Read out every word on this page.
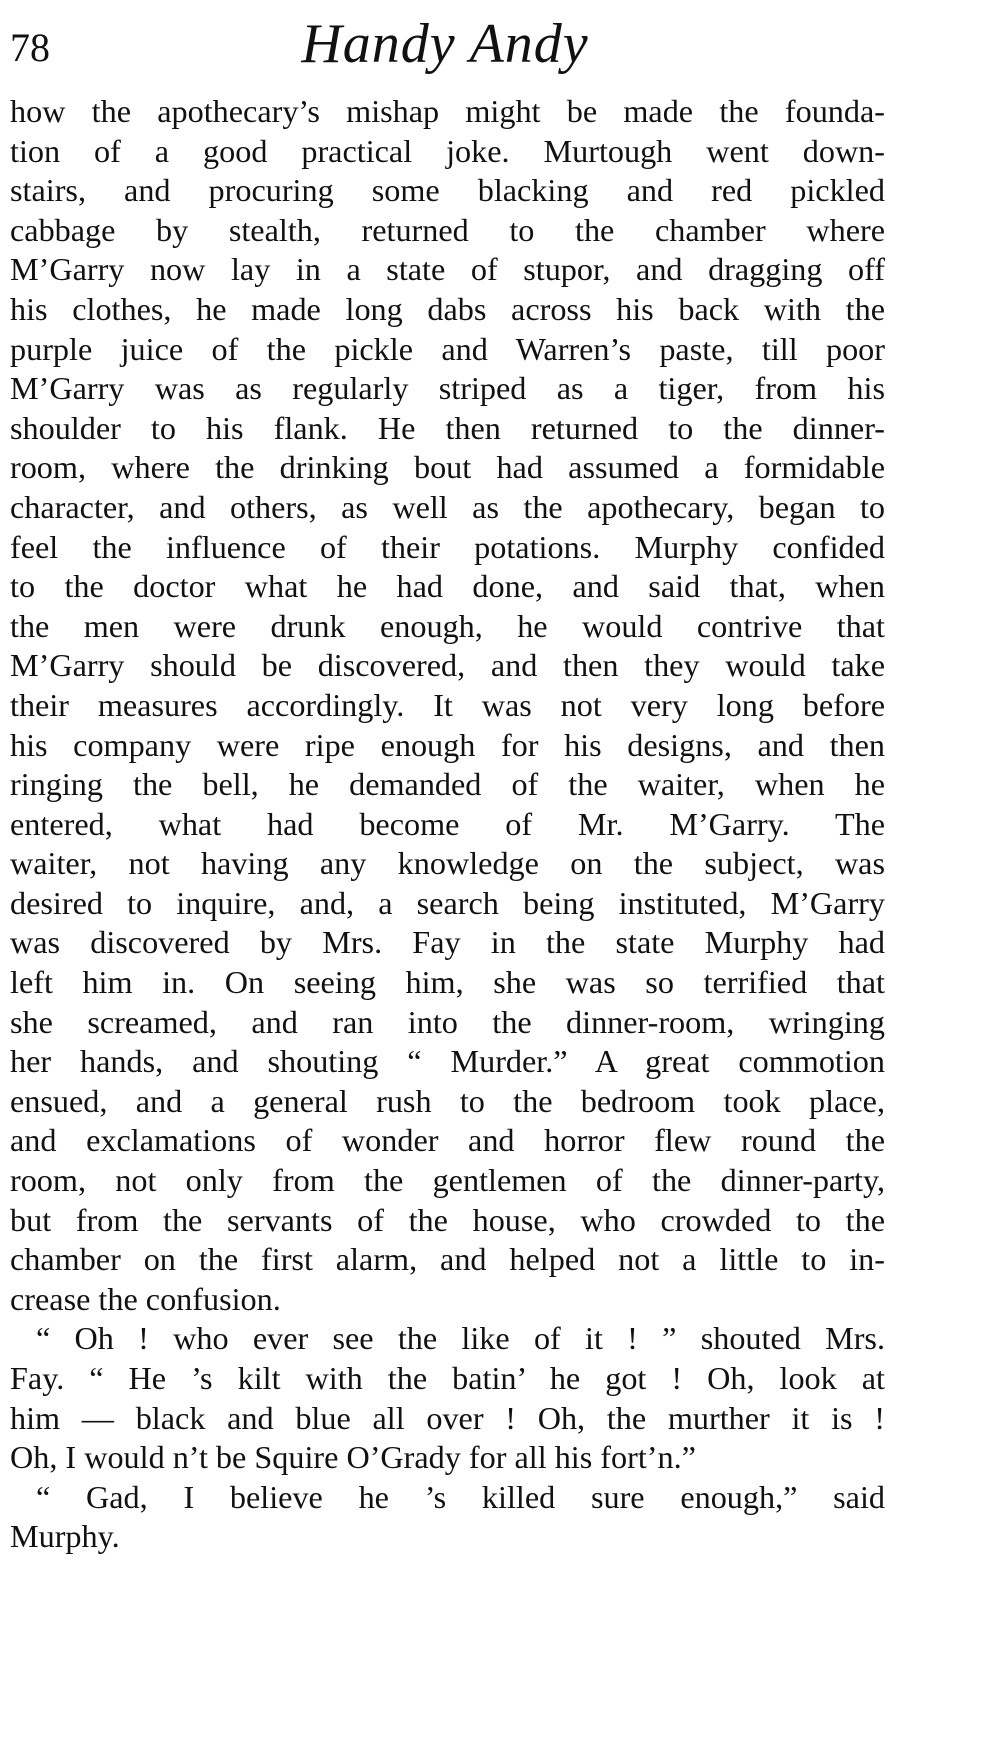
78	Handy Andy
how the apothecary’s mishap might be made the founda-
tion of a good practical joke. Murtough went down-
stairs, and procuring some blacking and red pickled
cabbage by stealth, returned to the chamber where
M’Garry now lay in a state of stupor, and dragging off
his clothes, he made long dabs across his back with the
purple juice of the pickle and Warren’s paste, till poor
M’Garry was as regularly striped as a tiger, from his
shoulder to his flank. He then returned to the dinner-
room, where the drinking bout had assumed a formidable
character, and others, as well as the apothecary, began to
feel the influence of their potations. Murphy confided
to the doctor what he had done, and said that, when
the men were drunk enough, he would contrive that
M’Garry should be discovered, and then they would take
their measures accordingly. It was not very long before
his company were ripe enough for his designs, and then
ringing the bell, he demanded of the waiter, when he
entered, what had become of Mr. M’Garry. The
waiter, not having any knowledge on the subject, was
desired to inquire, and, a search being instituted, M’Garry
was discovered by Mrs. Fay in the state Murphy had
left him in. On seeing him, she was so terrified that
she screamed, and ran into the dinner-room, wringing
her hands, and shouting “ Murder.” A great commotion
ensued, and a general rush to the bedroom took place,
and exclamations of wonder and horror flew round the
room, not only from the gentlemen of the dinner-party,
but from the servants of the house, who crowded to the
chamber on the first alarm, and helped not a little to in-
crease the confusion.
“ Oh ! who ever see the like of it ! ” shouted Mrs.
Fay. “ He ’s kilt with the batin’ he got ! Oh, look at
him — black and blue all over ! Oh, the murther it is !
Oh, I would n’t be Squire O’Grady for all his fort’n.”
“ Gad, I believe he ’s killed sure enough,” said
Murphy.
